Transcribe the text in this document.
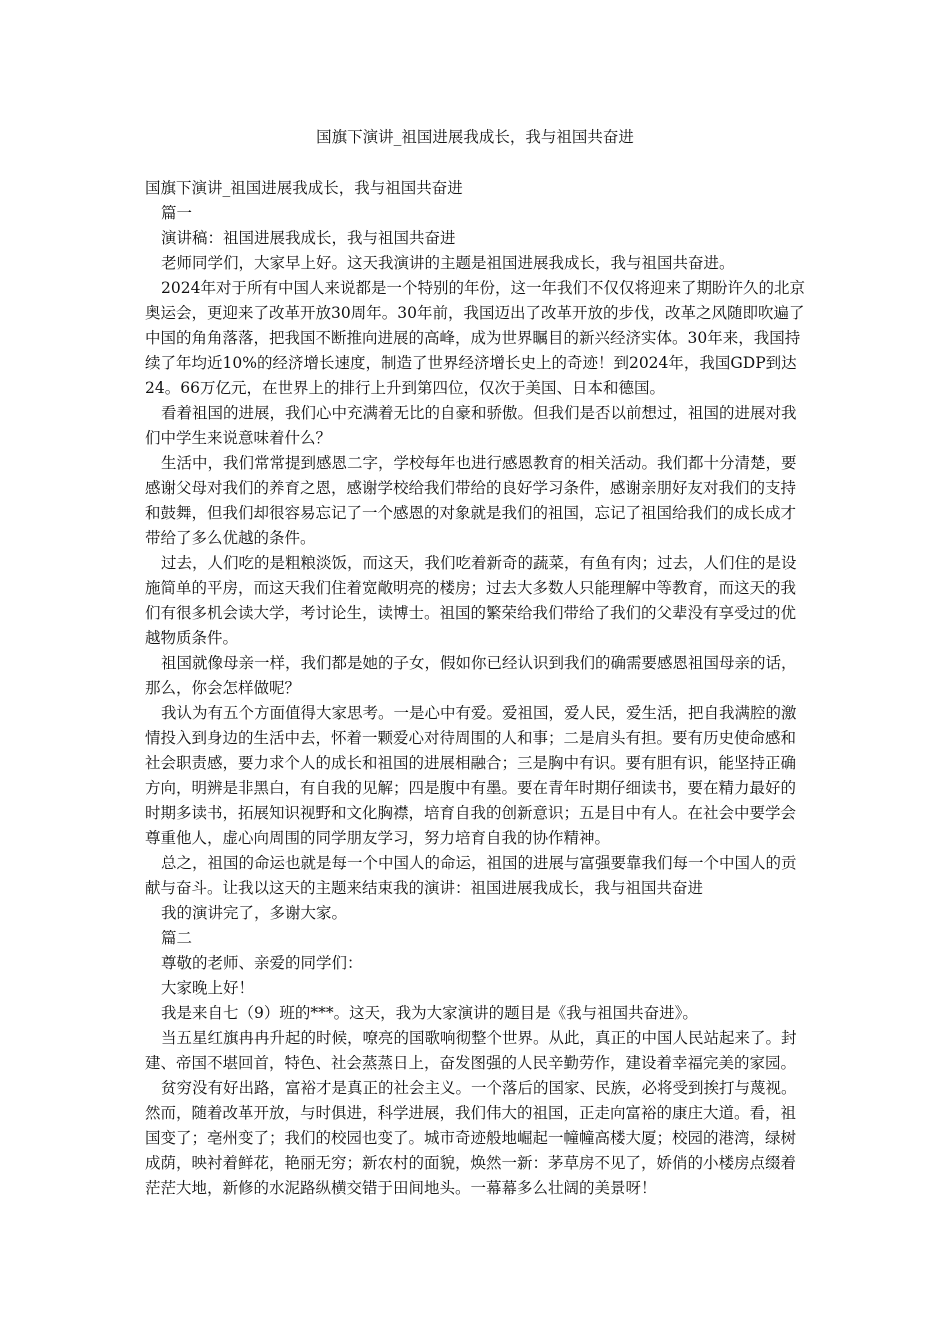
国旗下演讲_祖国进展我成长，我与祖国共奋进

国旗下演讲_祖国进展我成长，我与祖国共奋进

篇一

演讲稿：祖国进展我成长，我与祖国共奋进

老师同学们，大家早上好。这天我演讲的主题是祖国进展我成长，我与祖国共奋进。

2024年对于所有中国人来说都是一个特别的年份，这一年我们不仅仅将迎来了期盼许久的北京奥运会，更迎来了改革开放30周年。30年前，我国迈出了改革开放的步伐，改革之风随即吹遍了中国的角角落落，把我国不断推向进展的高峰，成为世界瞩目的新兴经济实体。30年来，我国持续了年均近10%的经济增长速度，制造了世界经济增长史上的奇迹！到2024年，我国GDP到达24。66万亿元，在世界上的排行上升到第四位，仅次于美国、日本和德国。

看着祖国的进展，我们心中充满着无比的自豪和骄傲。但我们是否以前想过，祖国的进展对我们中学生来说意味着什么？

生活中，我们常常提到感恩二字，学校每年也进行感恩教育的相关活动。我们都十分清楚，要感谢父母对我们的养育之恩，感谢学校给我们带给的良好学习条件，感谢亲朋好友对我们的支持和鼓舞，但我们却很容易忘记了一个感恩的对象就是我们的祖国，忘记了祖国给我们的成长成才带给了多么优越的条件。

过去，人们吃的是粗粮淡饭，而这天，我们吃着新奇的蔬菜，有鱼有肉；过去，人们住的是设施简单的平房，而这天我们住着宽敞明亮的楼房；过去大多数人只能理解中等教育，而这天的我们有很多机会读大学，考讨论生，读博士。祖国的繁荣给我们带给了我们的父辈没有享受过的优越物质条件。

祖国就像母亲一样，我们都是她的子女，假如你已经认识到我们的确需要感恩祖国母亲的话，那么，你会怎样做呢？

我认为有五个方面值得大家思考。一是心中有爱。爱祖国，爱人民，爱生活，把自我满腔的激情投入到身边的生活中去，怀着一颗爱心对待周围的人和事；二是肩头有担。要有历史使命感和社会职责感，要力求个人的成长和祖国的进展相融合；三是胸中有识。要有胆有识，能坚持正确方向，明辨是非黑白，有自我的见解；四是腹中有墨。要在青年时期仔细读书，要在精力最好的时期多读书，拓展知识视野和文化胸襟，培育自我的创新意识；五是目中有人。在社会中要学会尊重他人，虚心向周围的同学朋友学习，努力培育自我的协作精神。

总之，祖国的命运也就是每一个中国人的命运，祖国的进展与富强要靠我们每一个中国人的贡献与奋斗。让我以这天的主题来结束我的演讲：祖国进展我成长，我与祖国共奋进

我的演讲完了，多谢大家。

篇二

尊敬的老师、亲爱的同学们：

大家晚上好！

我是来自七（9）班的***。这天，我为大家演讲的题目是《我与祖国共奋进》。

当五星红旗冉冉升起的时候，嘹亮的国歌响彻整个世界。从此，真正的中国人民站起来了。封建、帝国不堪回首，特色、社会蒸蒸日上，奋发图强的人民辛勤劳作，建设着幸福完美的家园。

贫穷没有好出路，富裕才是真正的社会主义。一个落后的国家、民族，必将受到挨打与蔑视。然而，随着改革开放，与时俱进，科学进展，我们伟大的祖国，正走向富裕的康庄大道。看，祖国变了；亳州变了；我们的校园也变了。城市奇迹般地崛起一幢幢高楼大厦；校园的港湾，绿树成荫，映衬着鲜花，艳丽无穷；新农村的面貌，焕然一新：茅草房不见了，娇俏的小楼房点缀着茫茫大地，新修的水泥路纵横交错于田间地头。一幕幕多么壮阔的美景呀！
